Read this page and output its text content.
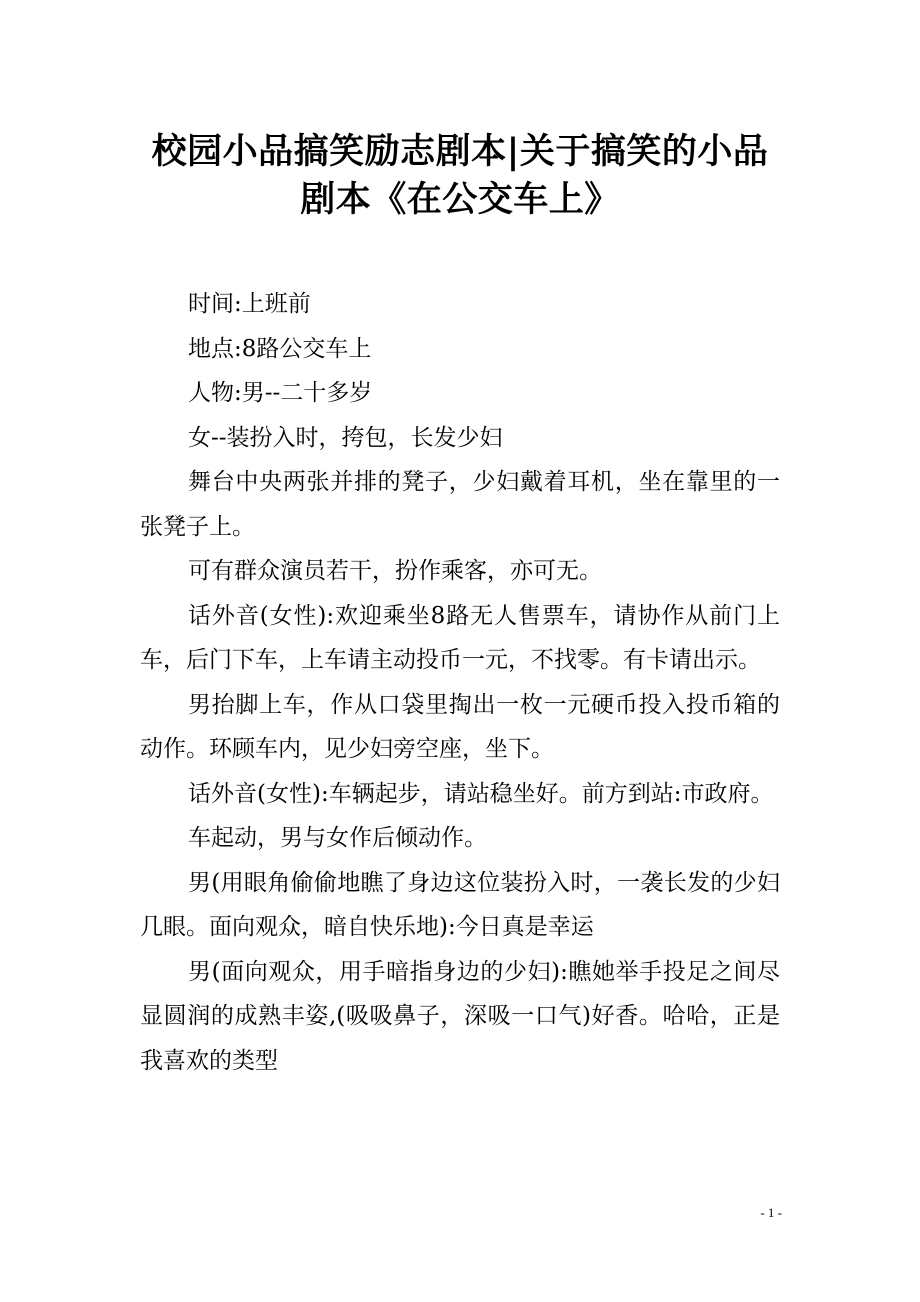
校园小品搞笑励志剧本|关于搞笑的小品剧本《在公交车上》

时间:上班前

地点:8路公交车上

人物:男--二十多岁

女--装扮入时，挎包，长发少妇

舞台中央两张并排的凳子，少妇戴着耳机，坐在靠里的一张凳子上。

可有群众演员若干，扮作乘客，亦可无。

话外音(女性):欢迎乘坐8路无人售票车，请协作从前门上车，后门下车，上车请主动投币一元，不找零。有卡请出示。

男抬脚上车，作从口袋里掏出一枚一元硬币投入投币箱的动作。环顾车内，见少妇旁空座，坐下。

话外音(女性):车辆起步，请站稳坐好。前方到站:市政府。

车起动，男与女作后倾动作。

男(用眼角偷偷地瞧了身边这位装扮入时，一袭长发的少妇几眼。面向观众，暗自快乐地):今日真是幸运

男(面向观众，用手暗指身边的少妇):瞧她举手投足之间尽显圆润的成熟丰姿,(吸吸鼻子，深吸一口气)好香。哈哈，正是我喜欢的类型

- 1 -
